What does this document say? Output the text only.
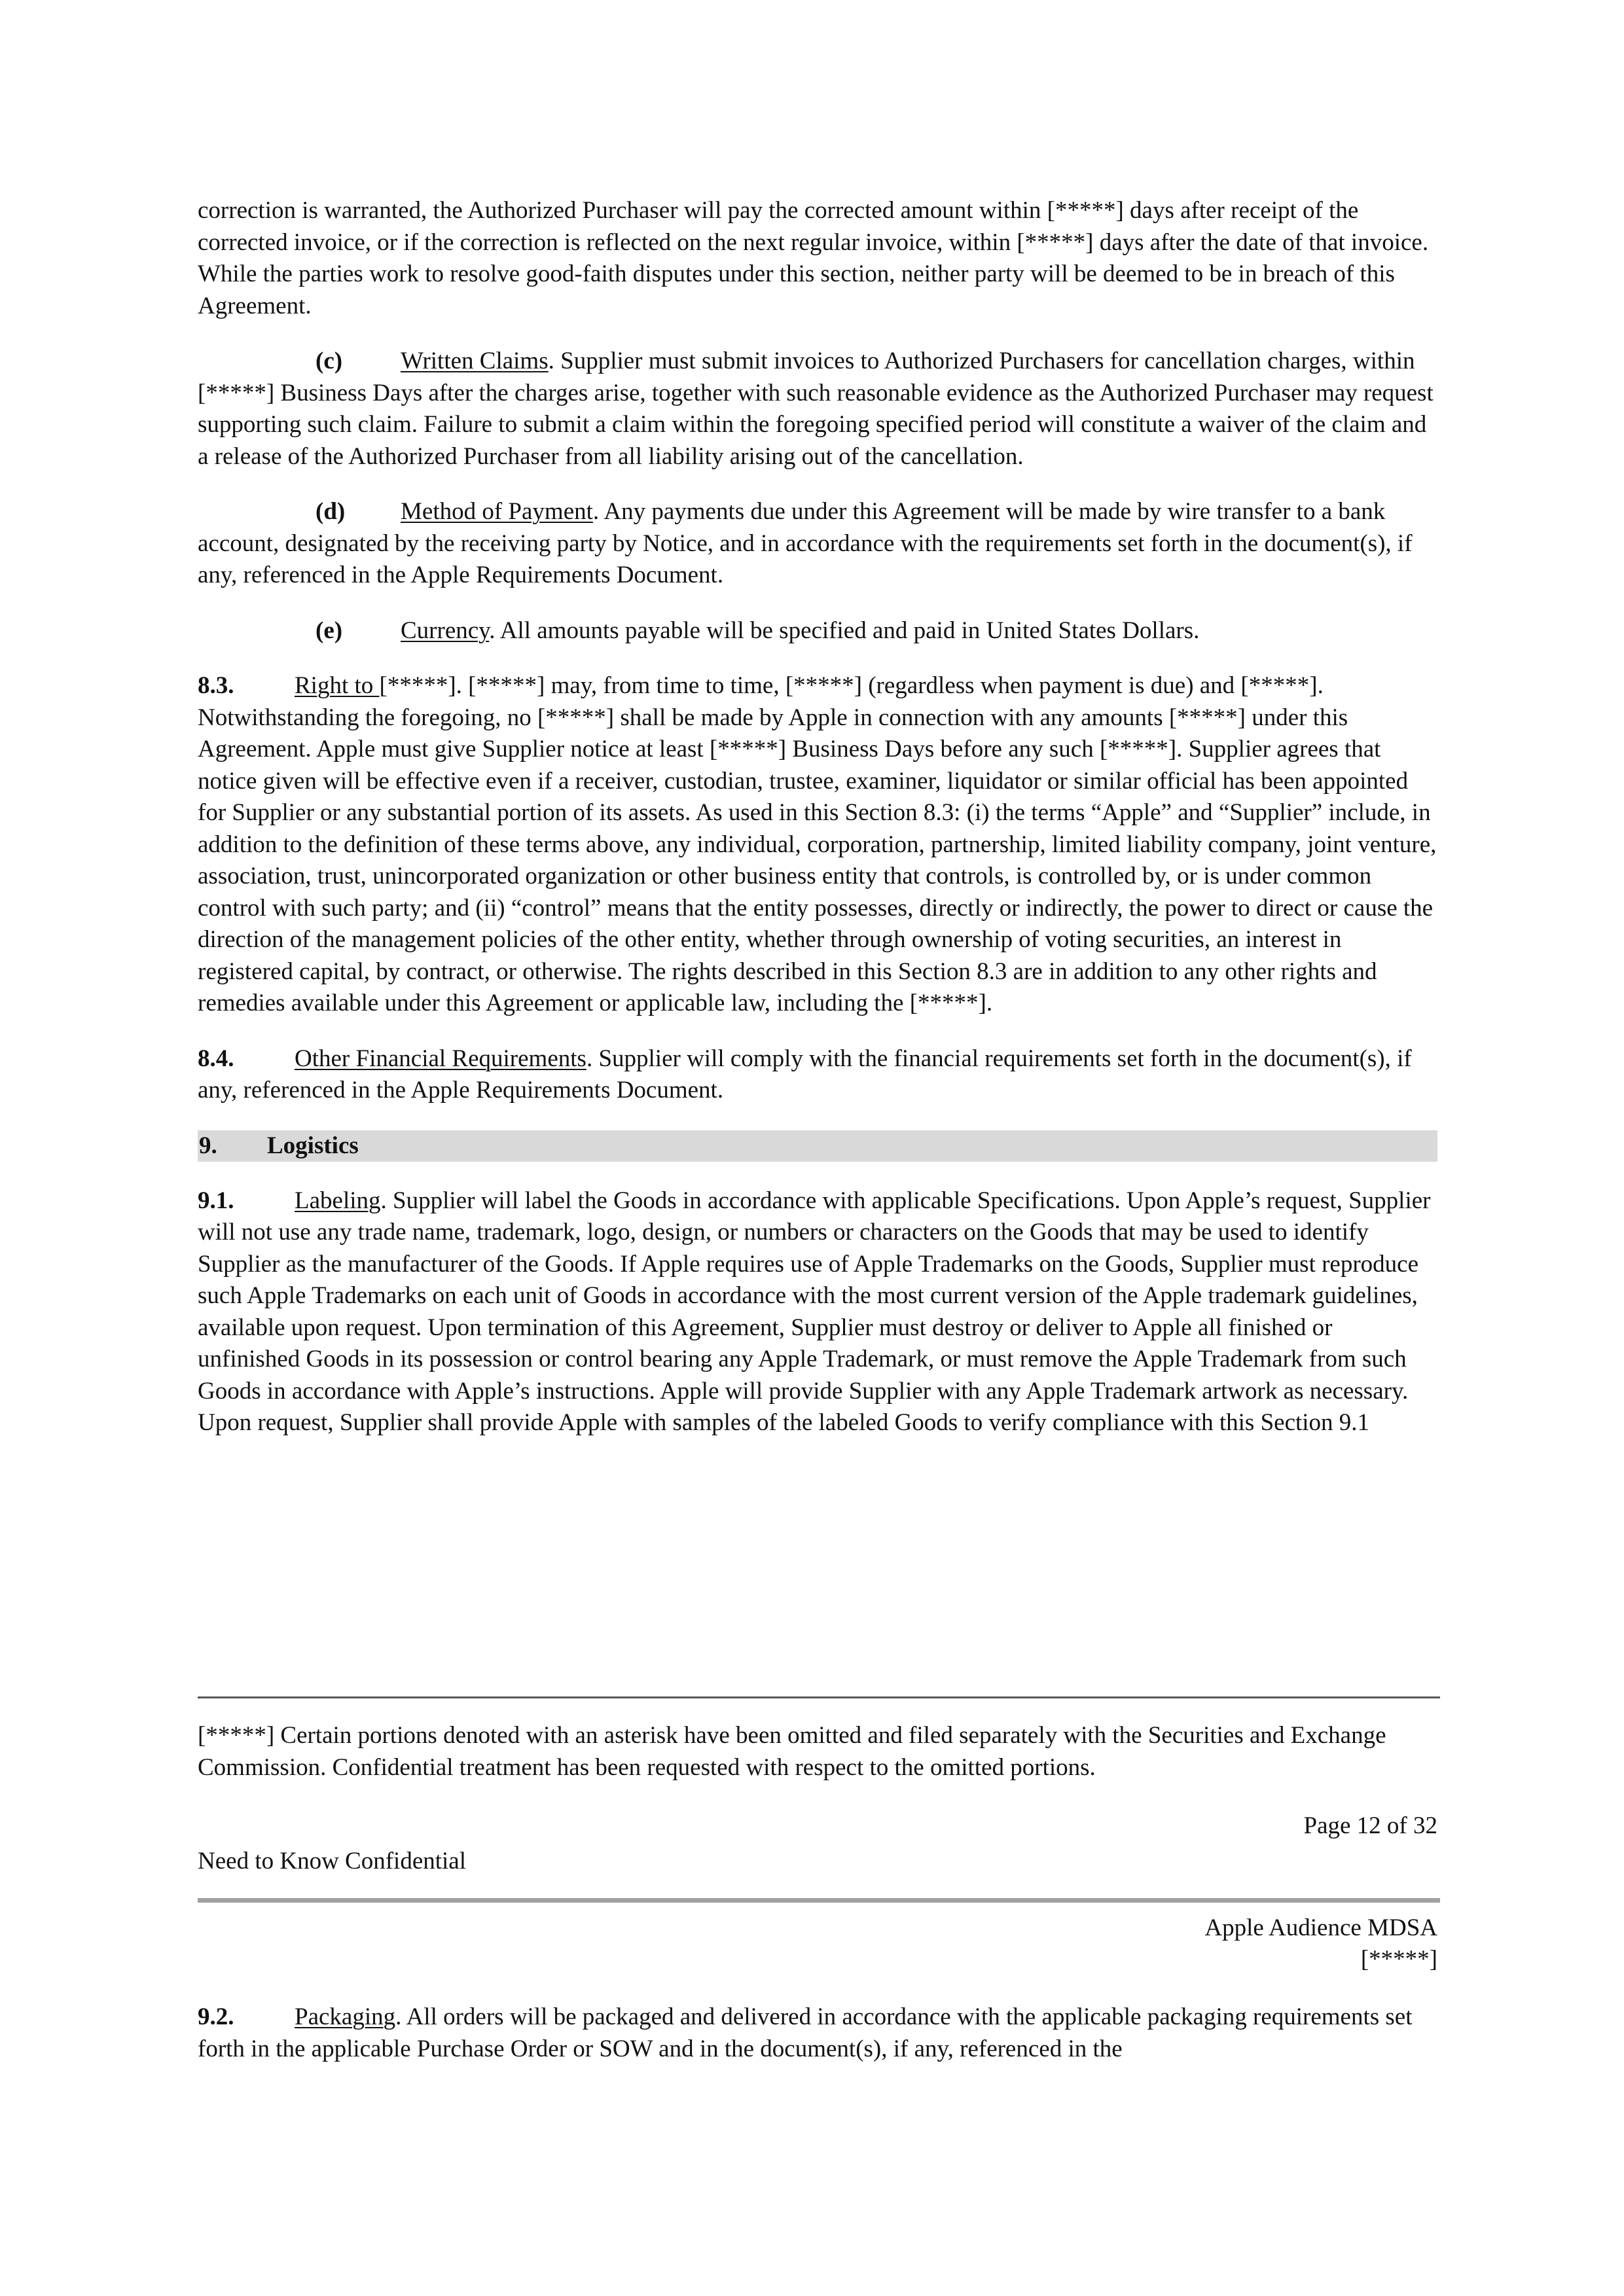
correction is warranted, the Authorized Purchaser will pay the corrected amount within [*****] days after receipt of the corrected invoice, or if the correction is reflected on the next regular invoice, within [*****] days after the date of that invoice. While the parties work to resolve good-faith disputes under this section, neither party will be deemed to be in breach of this Agreement.

(c) Written Claims. Supplier must submit invoices to Authorized Purchasers for cancellation charges, within [*****] Business Days after the charges arise, together with such reasonable evidence as the Authorized Purchaser may request supporting such claim. Failure to submit a claim within the foregoing specified period will constitute a waiver of the claim and a release of the Authorized Purchaser from all liability arising out of the cancellation.

(d) Method of Payment. Any payments due under this Agreement will be made by wire transfer to a bank account, designated by the receiving party by Notice, and in accordance with the requirements set forth in the document(s), if any, referenced in the Apple Requirements Document.

(e) Currency. All amounts payable will be specified and paid in United States Dollars.

8.3.	Right to [*****]. [*****] may, from time to time, [*****] (regardless when payment is due) and [*****]. Notwithstanding the foregoing, no [*****] shall be made by Apple in connection with any amounts [*****] under this Agreement. Apple must give Supplier notice at least [*****] Business Days before any such [*****]. Supplier agrees that notice given will be effective even if a receiver, custodian, trustee, examiner, liquidator or similar official has been appointed for Supplier or any substantial portion of its assets. As used in this Section 8.3: (i) the terms “Apple” and “Supplier” include, in addition to the definition of these terms above, any individual, corporation, partnership, limited liability company, joint venture, association, trust, unincorporated organization or other business entity that controls, is controlled by, or is under common control with such party; and (ii) “control” means that the entity possesses, directly or indirectly, the power to direct or cause the direction of the management policies of the other entity, whether through ownership of voting securities, an interest in registered capital, by contract, or otherwise. The rights described in this Section 8.3 are in addition to any other rights and remedies available under this Agreement or applicable law, including the [*****].

8.4.	Other Financial Requirements. Supplier will comply with the financial requirements set forth in the document(s), if any, referenced in the Apple Requirements Document.

9. Logistics

9.1.	Labeling. Supplier will label the Goods in accordance with applicable Specifications. Upon Apple’s request, Supplier will not use any trade name, trademark, logo, design, or numbers or characters on the Goods that may be used to identify Supplier as the manufacturer of the Goods. If Apple requires use of Apple Trademarks on the Goods, Supplier must reproduce such Apple Trademarks on each unit of Goods in accordance with the most current version of the Apple trademark guidelines, available upon request. Upon termination of this Agreement, Supplier must destroy or deliver to Apple all finished or unfinished Goods in its possession or control bearing any Apple Trademark, or must remove the Apple Trademark from such Goods in accordance with Apple’s instructions. Apple will provide Supplier with any Apple Trademark artwork as necessary. Upon request, Supplier shall provide Apple with samples of the labeled Goods to verify compliance with this Section 9.1

[*****] Certain portions denoted with an asterisk have been omitted and filed separately with the Securities and Exchange Commission. Confidential treatment has been requested with respect to the omitted portions.

Page 12 of 32

Need to Know Confidential

Apple Audience MDSA

[*****]

9.2.	Packaging. All orders will be packaged and delivered in accordance with the applicable packaging requirements set forth in the applicable Purchase Order or SOW and in the document(s), if any, referenced in the
